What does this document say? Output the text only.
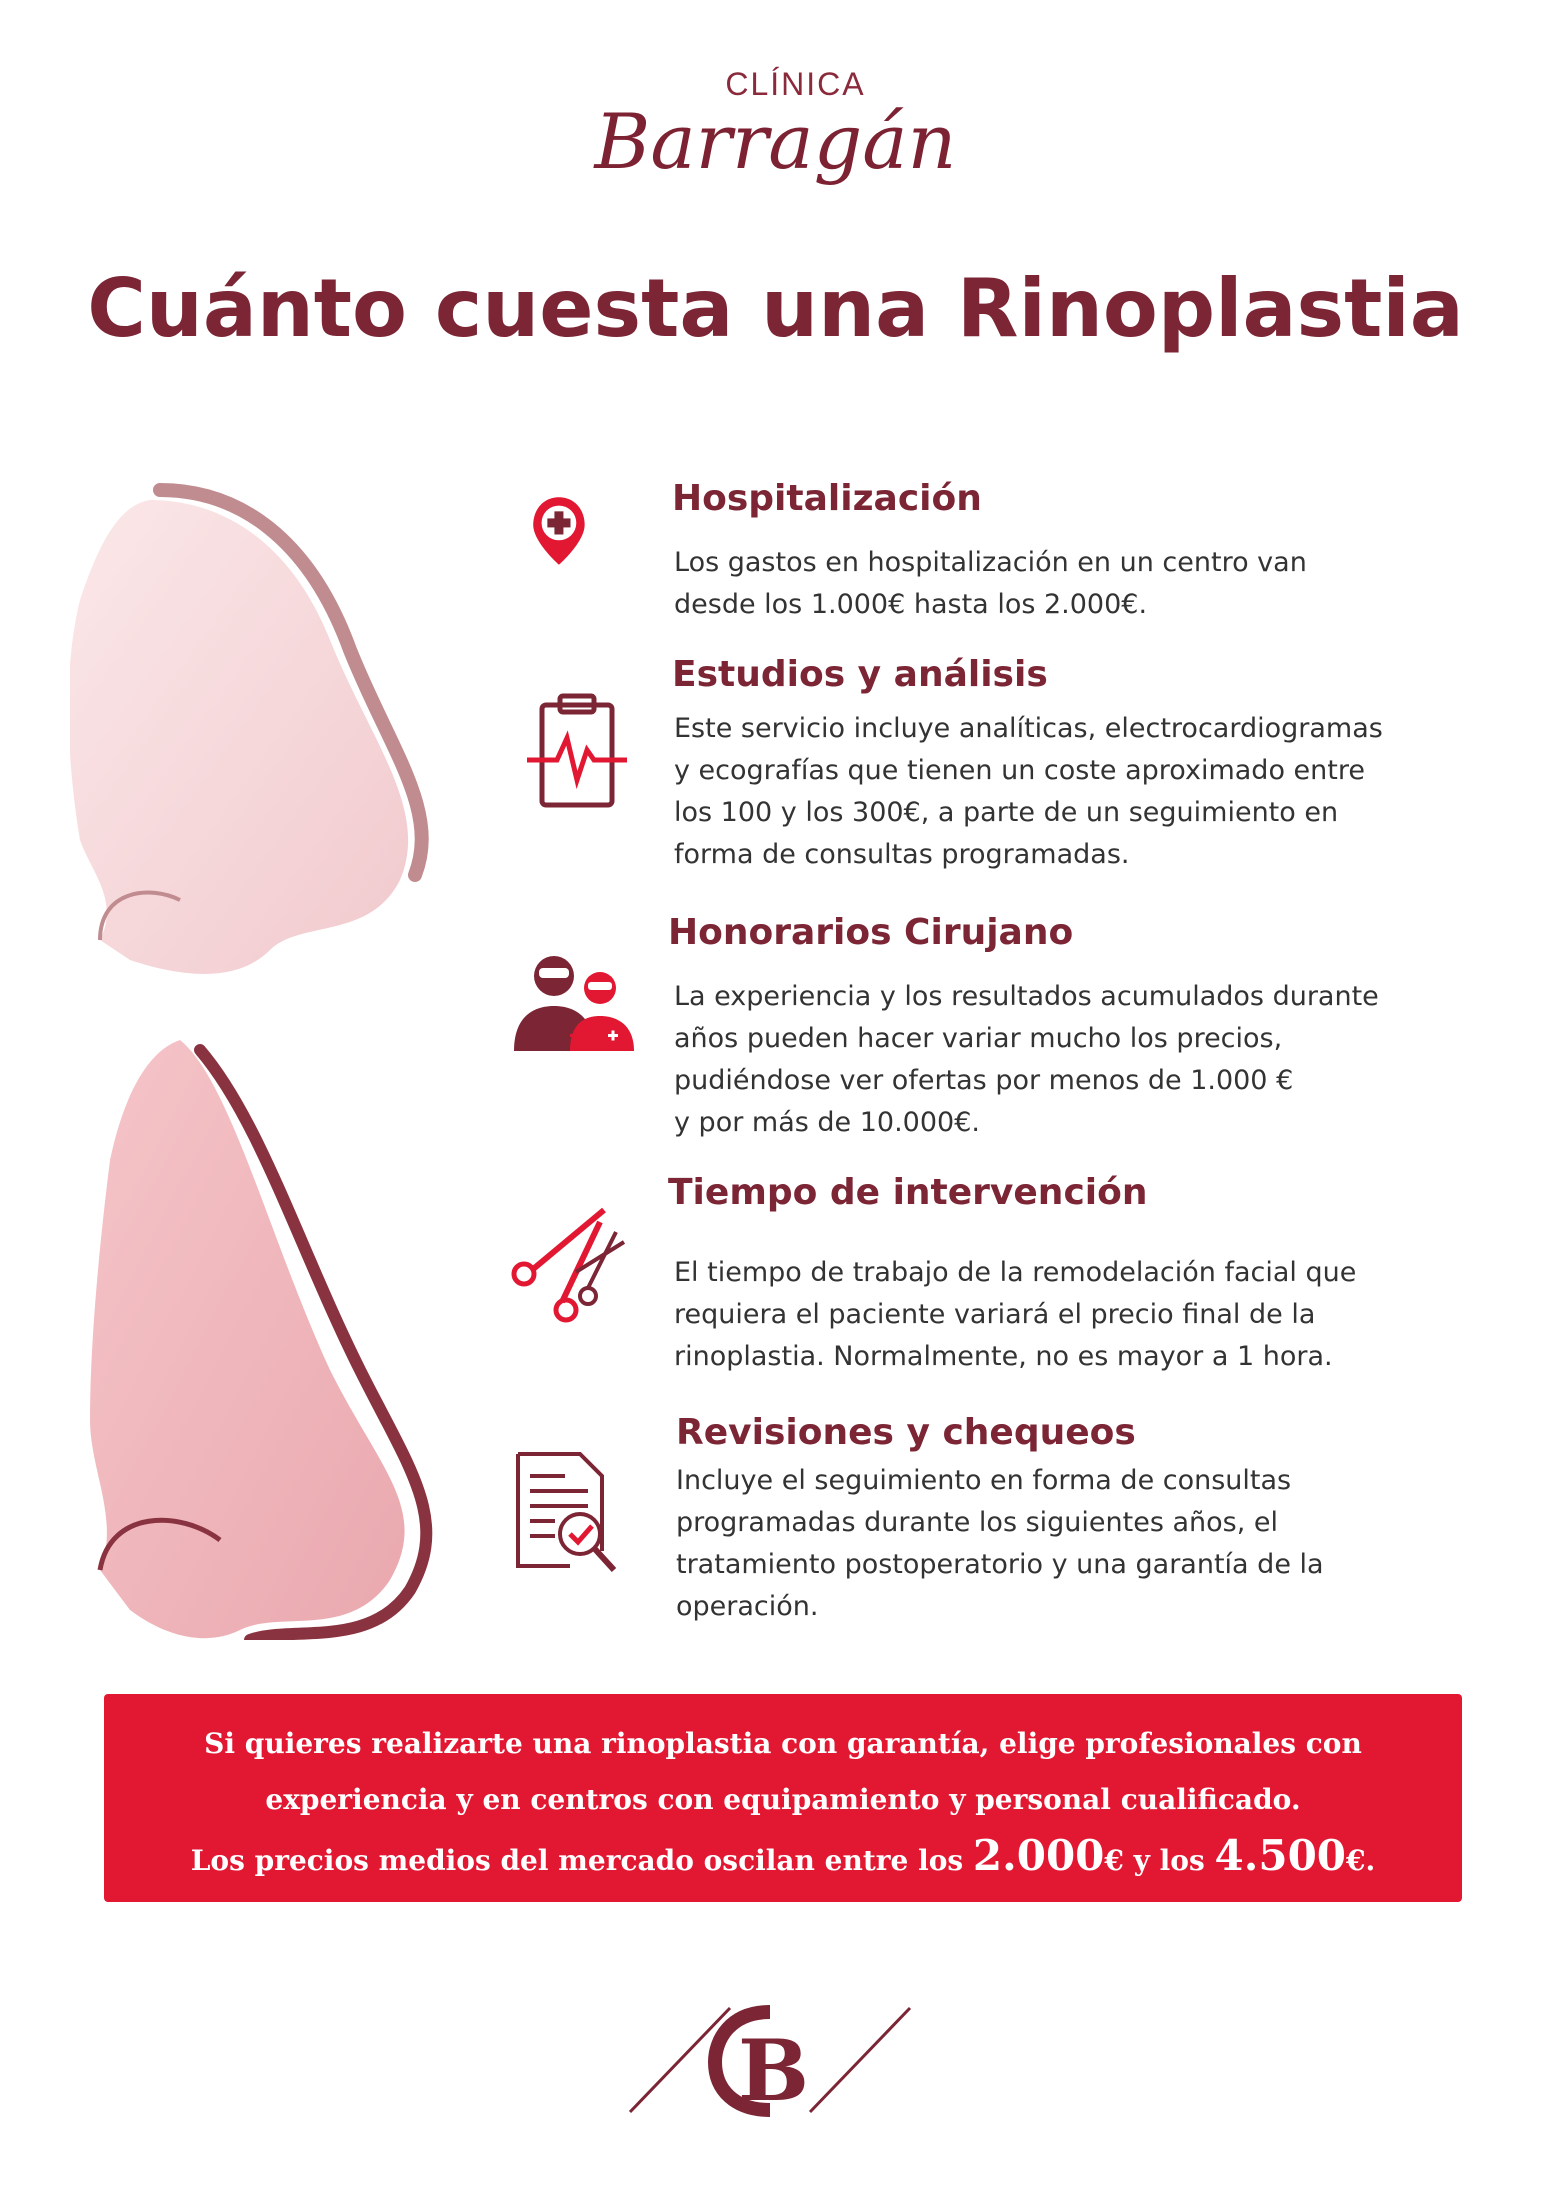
CLÍNICA
Barragán
Cuánto cuesta una Rinoplastia
Hospitalización
Los gastos en hospitalización en un centro van
desde los 1.000€ hasta los 2.000€.
Estudios y análisis
Este servicio incluye analíticas, electrocardiogramas
y ecografías que tienen un coste aproximado entre
los 100 y los 300€, a parte de un seguimiento en
forma de consultas programadas.
Honorarios Cirujano
La experiencia y los resultados acumulados durante
años pueden hacer variar mucho los precios,
pudiéndose ver ofertas por menos de 1.000 €
y por más de 10.000€.
Tiempo de intervención
El tiempo de trabajo de la remodelación facial que
requiera el paciente variará el precio final de la
rinoplastia. Normalmente, no es mayor a 1 hora.
Revisiones y chequeos
Incluye el seguimiento en forma de consultas
programadas durante los siguientes años, el
tratamiento postoperatorio y una garantía de la
operación.

Si quieres realizarte una rinoplastia con garantía, elige profesionales con

experiencia y en centros con equipamiento y personal cualificado.

Los precios medios del mercado oscilan entre los 2.000€ y los 4.500€.

B
